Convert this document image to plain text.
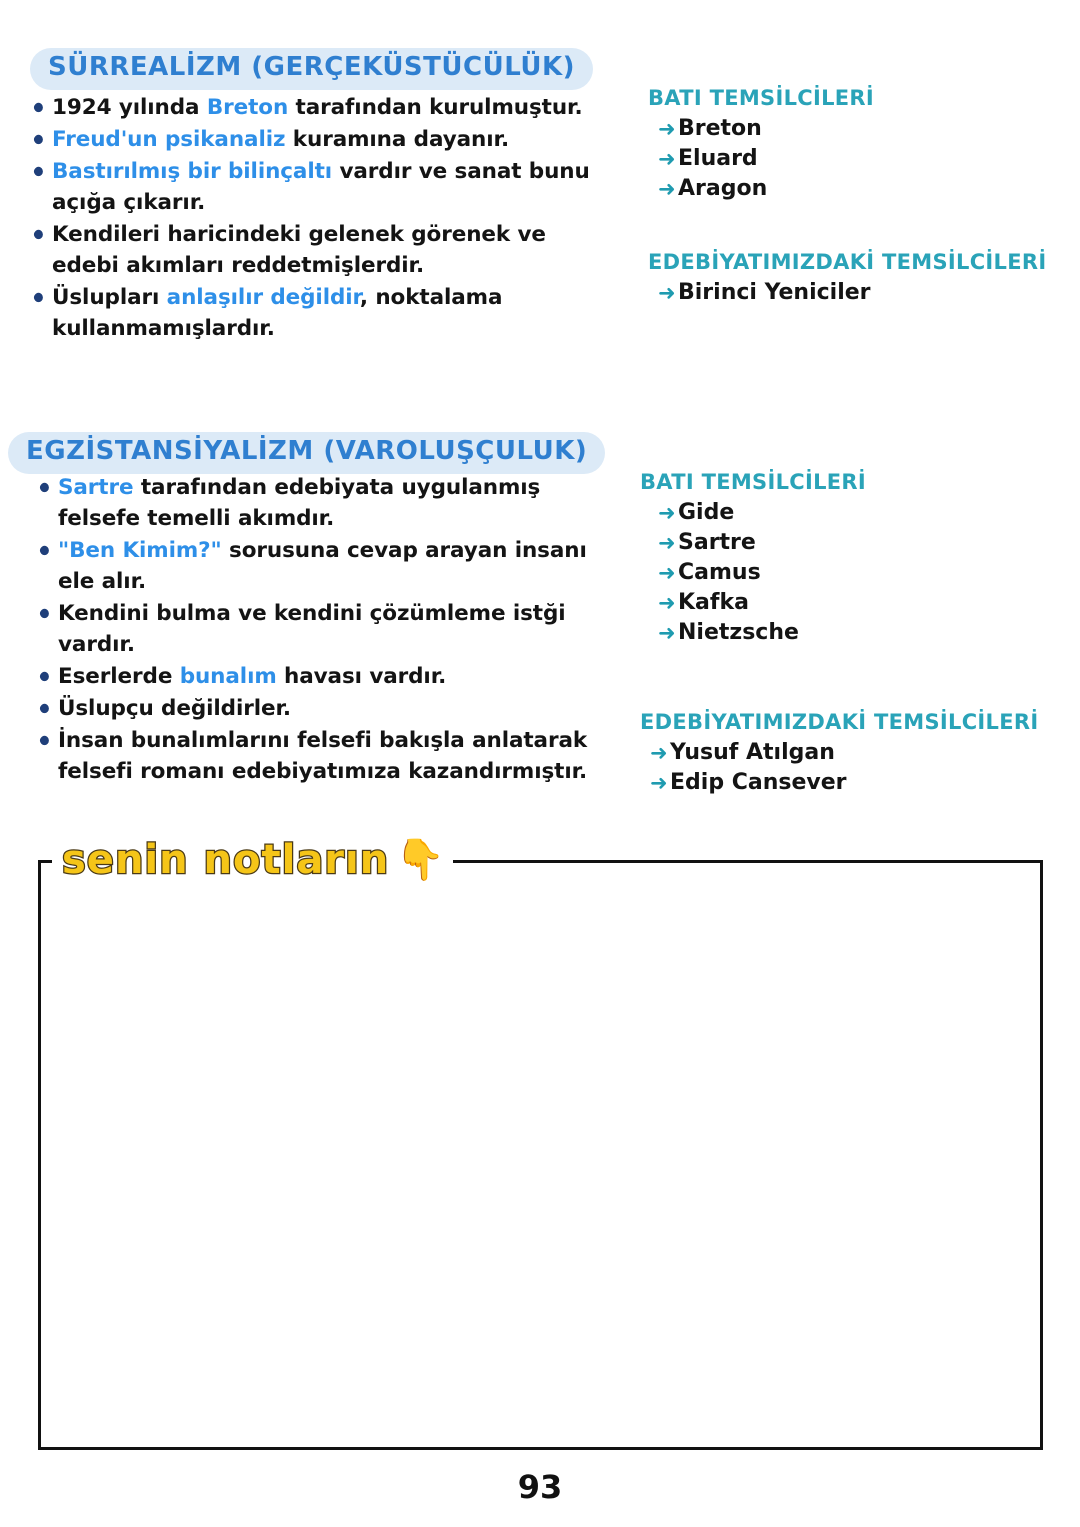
SÜRREALİZM (GERÇEKÜSTÜCÜLÜK)
1924 yılında Breton tarafından kurulmuştur.
Freud'un psikanaliz kuramına dayanır.
Bastırılmış bir bilinçaltı vardır ve sanat bunu açığa çıkarır.
Kendileri haricindeki gelenek görenek ve edebi akımları reddetmişlerdir.
Üslupları anlaşılır değildir, noktalama kullanmamışlardır.
BATI TEMSİLCİLERİ
➜ Breton
➜ Eluard
➜ Aragon
EDEBİYATIMIZDAKİ TEMSİLCİLERİ
➜ Birinci Yeniciler
EGZİSTANSİYALİZM (VAROLUŞÇULUK)
Sartre tarafından edebiyata uygulanmış felsefe temelli akımdır.
"Ben Kimim?" sorusuna cevap arayan insanı ele alır.
Kendini bulma ve kendini çözümleme istği vardır.
Eserlerde bunalım havası vardır.
Üslupçu değildirler.
İnsan bunalımlarını felsefi bakışla anlatarak felsefi romanı edebiyatımıza kazandırmıştır.
BATI TEMSİLCİLERİ
➜ Gide
➜ Sartre
➜ Camus
➜ Kafka
➜ Nietzsche
EDEBİYATIMIZDAKİ TEMSİLCİLERİ
➜ Yusuf Atılgan
➜ Edip Cansever
senin notların 👇
93
